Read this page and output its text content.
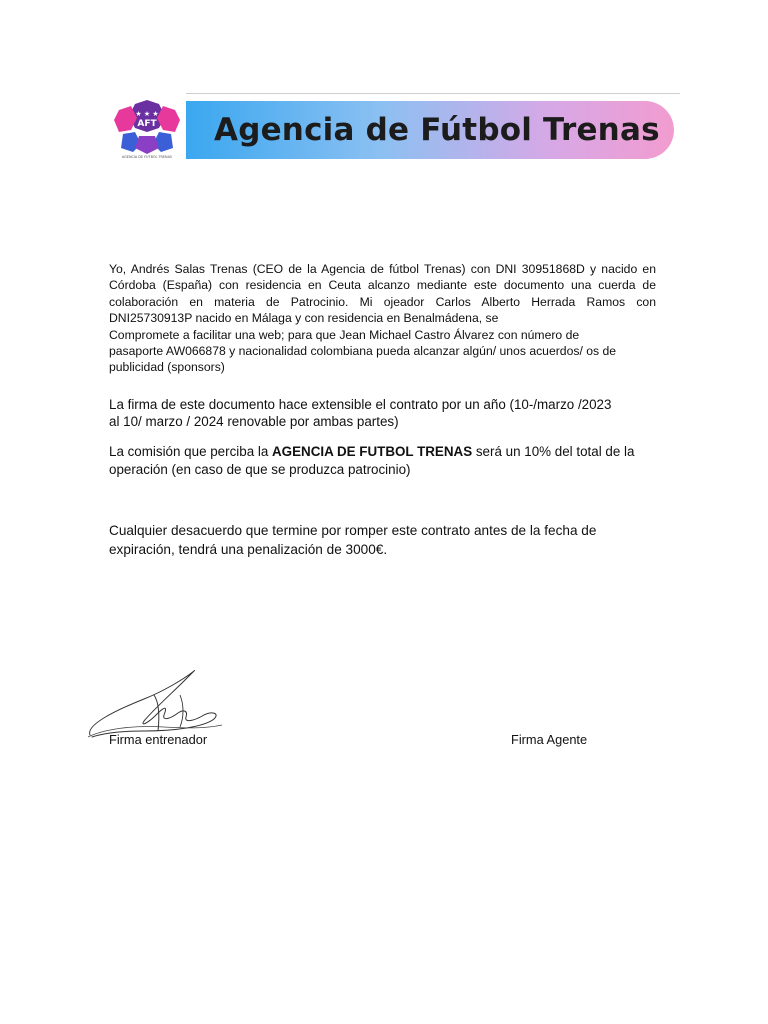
★ ★ ★
AFT
AGENCIA DE FUTBOL TRENAS
Agencia de Fútbol Trenas
Yo, Andrés Salas Trenas (CEO de la Agencia de fútbol Trenas) con DNI 30951868D y nacido en
Córdoba (España) con residencia en Ceuta alcanzo mediante este documento una cuerda de
colaboración en materia de Patrocinio. Mi ojeador Carlos Alberto Herrada Ramos con
DNI25730913P nacido en Málaga y con residencia en Benalmádena, se
Compromete a facilitar una web; para que Jean Michael Castro Álvarez con número de
pasaporte AW066878 y nacionalidad colombiana pueda alcanzar algún/ unos acuerdos/ os de
publicidad (sponsors)
La firma de este documento hace extensible el contrato por un año (10-/marzo /2023
al 10/ marzo / 2024 renovable por ambas partes)
La comisión que perciba la AGENCIA DE FUTBOL TRENAS será un 10% del total de la
operación (en caso de que se produzca patrocinio)
Cualquier desacuerdo que termine por romper este contrato antes de la fecha de
expiración, tendrá una penalización de 3000€.
Firma entrenador	Firma Agente
